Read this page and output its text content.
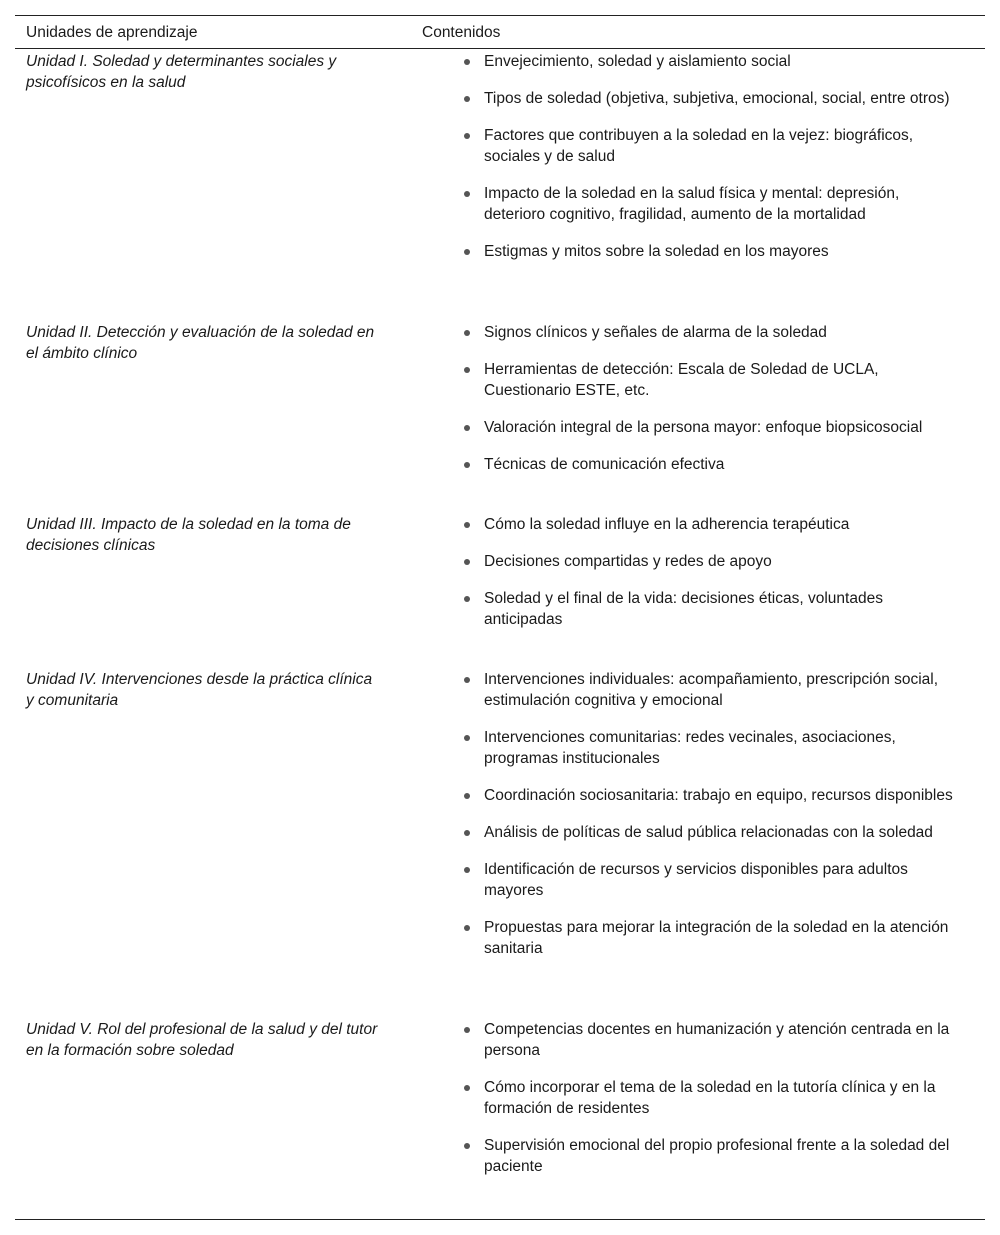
Unidades de aprendizaje	Contenidos
Unidad I. Soledad y determinantes sociales y psicofísicos en la salud
Envejecimiento, soledad y aislamiento social
Tipos de soledad (objetiva, subjetiva, emocional, social, entre otros)
Factores que contribuyen a la soledad en la vejez: biográficos, sociales y de salud
Impacto de la soledad en la salud física y mental: depresión, deterioro cognitivo, fragilidad, aumento de la mortalidad
Estigmas y mitos sobre la soledad en los mayores
Unidad II. Detección y evaluación de la soledad en el ámbito clínico
Signos clínicos y señales de alarma de la soledad
Herramientas de detección: Escala de Soledad de UCLA, Cuestionario ESTE, etc.
Valoración integral de la persona mayor: enfoque biopsicosocial
Técnicas de comunicación efectiva
Unidad III. Impacto de la soledad en la toma de decisiones clínicas
Cómo la soledad influye en la adherencia terapéutica
Decisiones compartidas y redes de apoyo
Soledad y el final de la vida: decisiones éticas, voluntades anticipadas
Unidad IV. Intervenciones desde la práctica clínica y comunitaria
Intervenciones individuales: acompañamiento, prescripción social, estimulación cognitiva y emocional
Intervenciones comunitarias: redes vecinales, asociaciones, programas institucionales
Coordinación sociosanitaria: trabajo en equipo, recursos disponibles
Análisis de políticas de salud pública relacionadas con la soledad
Identificación de recursos y servicios disponibles para adultos mayores
Propuestas para mejorar la integración de la soledad en la atención sanitaria
Unidad V. Rol del profesional de la salud y del tutor en la formación sobre soledad
Competencias docentes en humanización y atención centrada en la persona
Cómo incorporar el tema de la soledad en la tutoría clínica y en la formación de residentes
Supervisión emocional del propio profesional frente a la soledad del paciente
